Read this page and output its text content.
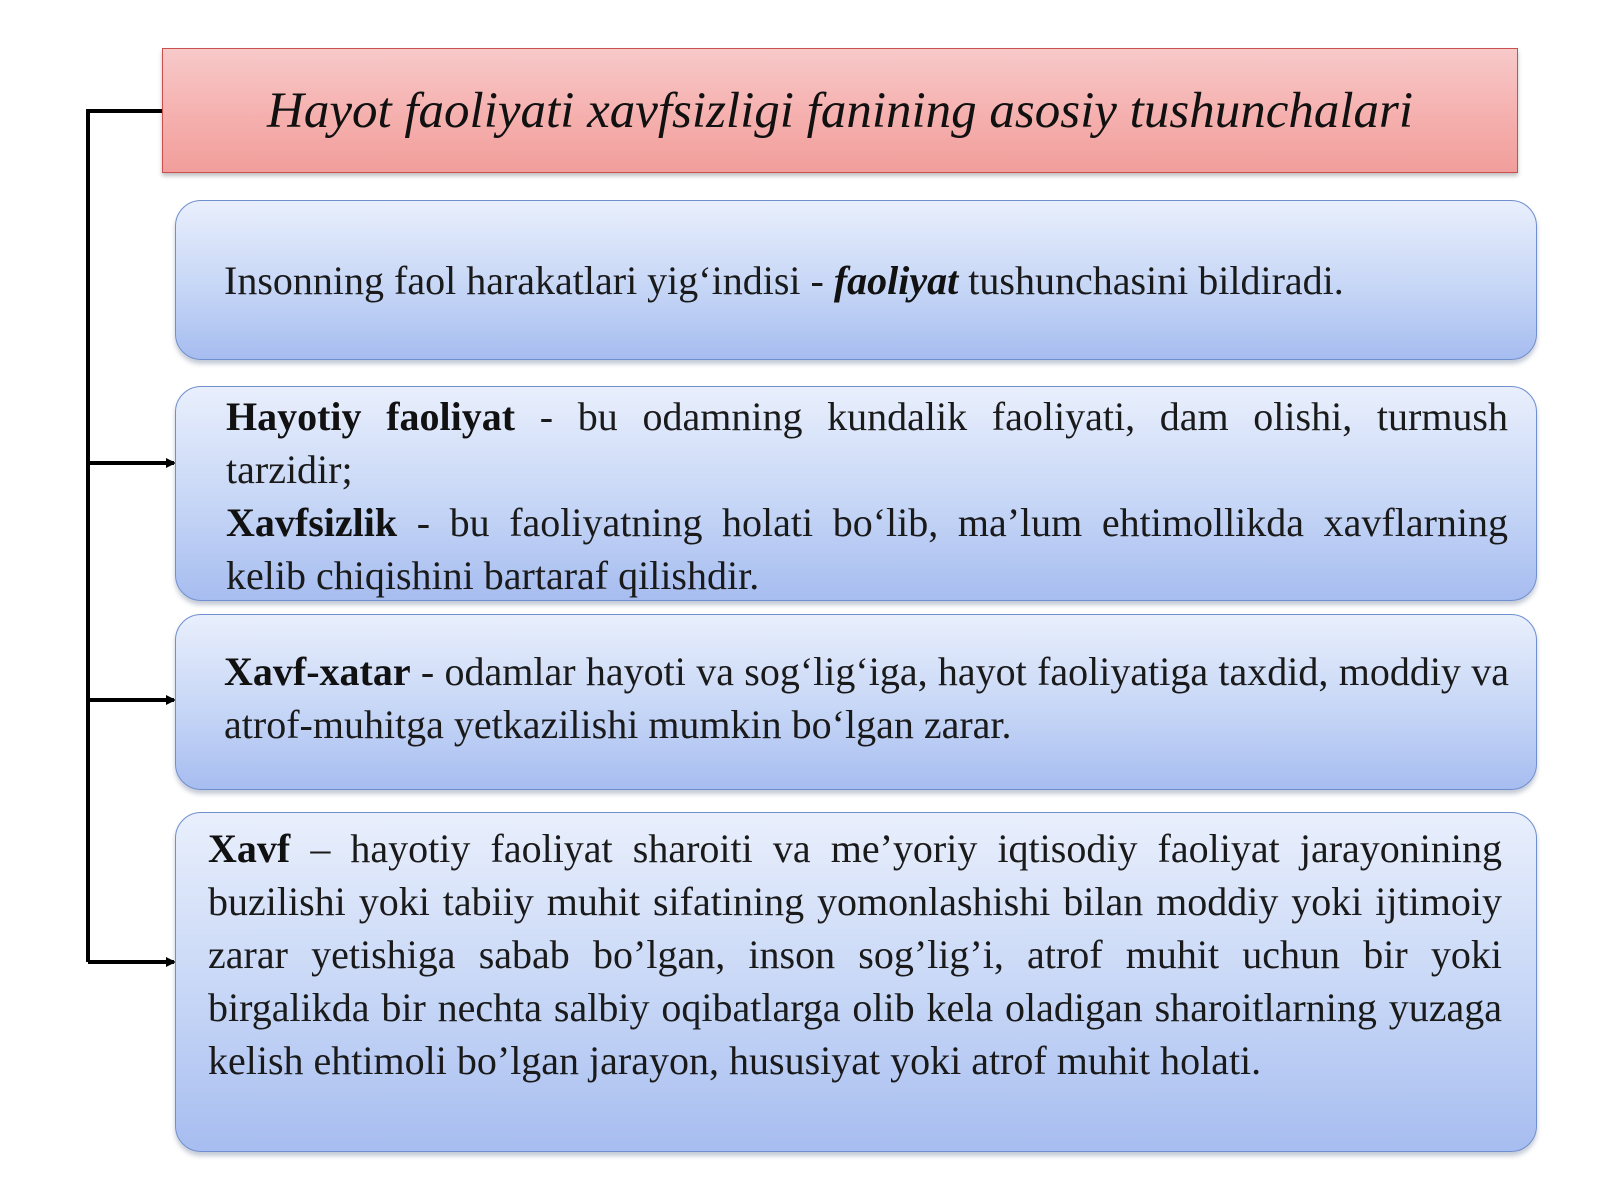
Hayot faoliyati xavfsizligi fanining asosiy tushunchalari

Insonning faol harakatlari yig‘indisi - faoliyat tushunchasini bildiradi.

Hayotiy faoliyat - bu odamning kundalik faoliyati, dam olishi, turmush tarzidir;

Xavfsizlik - bu faoliyatning holati bo‘lib, ma’lum ehtimollikda xavflarning kelib chiqishini bartaraf qilishdir.

Xavf-xatar - odamlar hayoti va sog‘lig‘iga, hayot faoliyatiga taxdid, moddiy va atrof-muhitga yetkazilishi mumkin bo‘lgan zarar.

Xavf – hayotiy faoliyat sharoiti va me’yoriy iqtisodiy faoliyat jarayonining buzilishi yoki tabiiy muhit sifatining yomonlashishi bilan moddiy yoki ijtimoiy zarar yetishiga sabab bo’lgan, inson sog’lig’i, atrof muhit uchun bir yoki birgalikda bir nechta salbiy oqibatlarga olib kela oladigan sharoitlarning yuzaga kelish ehtimoli bo’lgan jarayon, hususiyat yoki atrof muhit holati.
